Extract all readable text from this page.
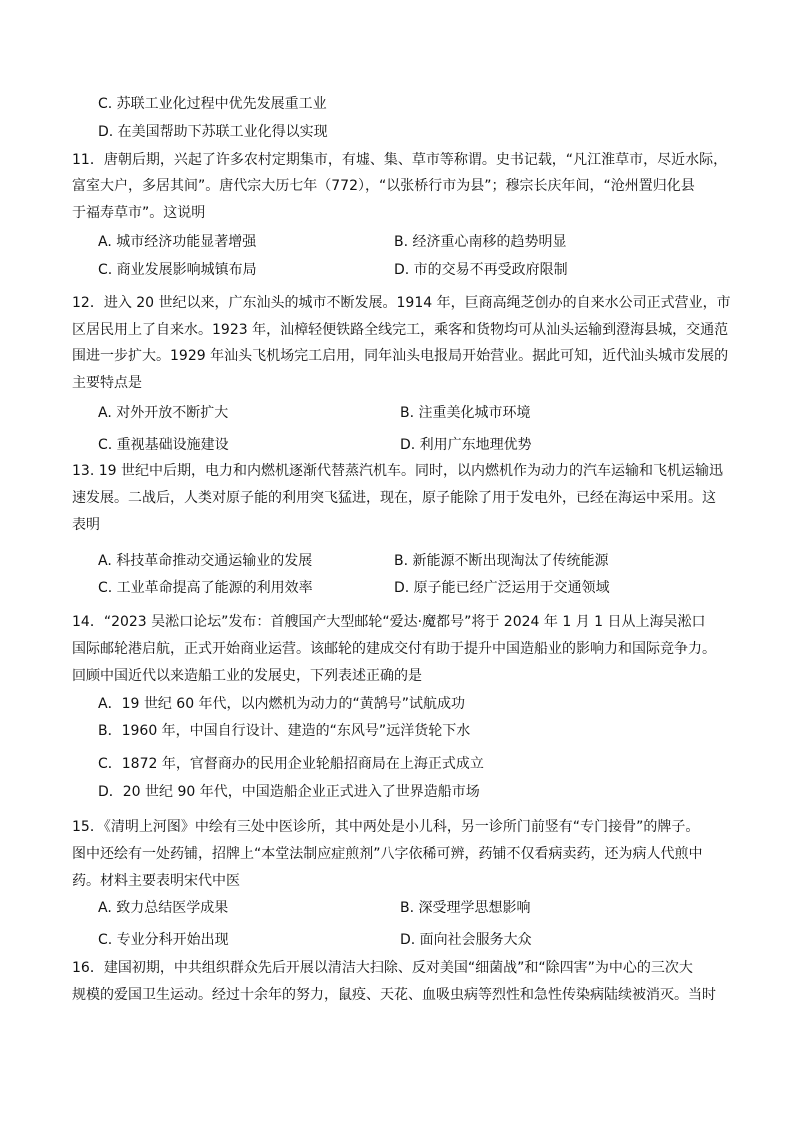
C. 苏联工业化过程中优先发展重工业
D. 在美国帮助下苏联工业化得以实现
11．唐朝后期，兴起了许多农村定期集市，有墟、集、草市等称谓。史书记载，“凡江淮草市，尽近水际，
富室大户，多居其间”。唐代宗大历七年（772），“以张桥行市为县”；穆宗长庆年间，“沧州置归化县
于福寿草市”。这说明
A. 城市经济功能显著增强	B. 经济重心南移的趋势明显
C. 商业发展影响城镇布局	D. 市的交易不再受政府限制
12．进入 20 世纪以来，广东汕头的城市不断发展。1914 年，巨商高绳芝创办的自来水公司正式营业，市
区居民用上了自来水。1923 年，汕樟轻便铁路全线完工，乘客和货物均可从汕头运输到澄海县城，交通范
围进一步扩大。1929 年汕头飞机场完工启用，同年汕头电报局开始营业。据此可知，近代汕头城市发展的
主要特点是
A. 对外开放不断扩大	B. 注重美化城市环境
C. 重视基础设施建设	D. 利用广东地理优势
13. 19 世纪中后期，电力和内燃机逐渐代替蒸汽机车。同时，以内燃机作为动力的汽车运输和飞机运输迅
速发展。二战后，人类对原子能的利用突飞猛进，现在，原子能除了用于发电外，已经在海运中采用。这
表明
A. 科技革命推动交通运输业的发展	B. 新能源不断出现淘汰了传统能源
C. 工业革命提高了能源的利用效率	D. 原子能已经广泛运用于交通领域
14．“2023 吴淞口论坛”发布：首艘国产大型邮轮“爱达·魔都号”将于 2024 年 1 月 1 日从上海吴淞口
国际邮轮港启航，正式开始商业运营。该邮轮的建成交付有助于提升中国造船业的影响力和国际竞争力。
回顾中国近代以来造船工业的发展史，下列表述正确的是
A．19 世纪 60 年代，以内燃机为动力的“黄鹄号”试航成功
B．1960 年，中国自行设计、建造的“东风号”远洋货轮下水
C．1872 年，官督商办的民用企业轮船招商局在上海正式成立
D．20 世纪 90 年代，中国造船企业正式进入了世界造船市场
15．《清明上河图》中绘有三处中医诊所，其中两处是小儿科，另一诊所门前竖有“专门接骨”的牌子。
图中还绘有一处药铺，招牌上“本堂法制应症煎剂”八字依稀可辨，药铺不仅看病卖药，还为病人代煎中
药。材料主要表明宋代中医
A. 致力总结医学成果	B. 深受理学思想影响
C. 专业分科开始出现	D. 面向社会服务大众
16．建国初期，中共组织群众先后开展以清洁大扫除、反对美国“细菌战”和“除四害”为中心的三次大
规模的爱国卫生运动。经过十余年的努力，鼠疫、天花、血吸虫病等烈性和急性传染病陆续被消灭。当时
